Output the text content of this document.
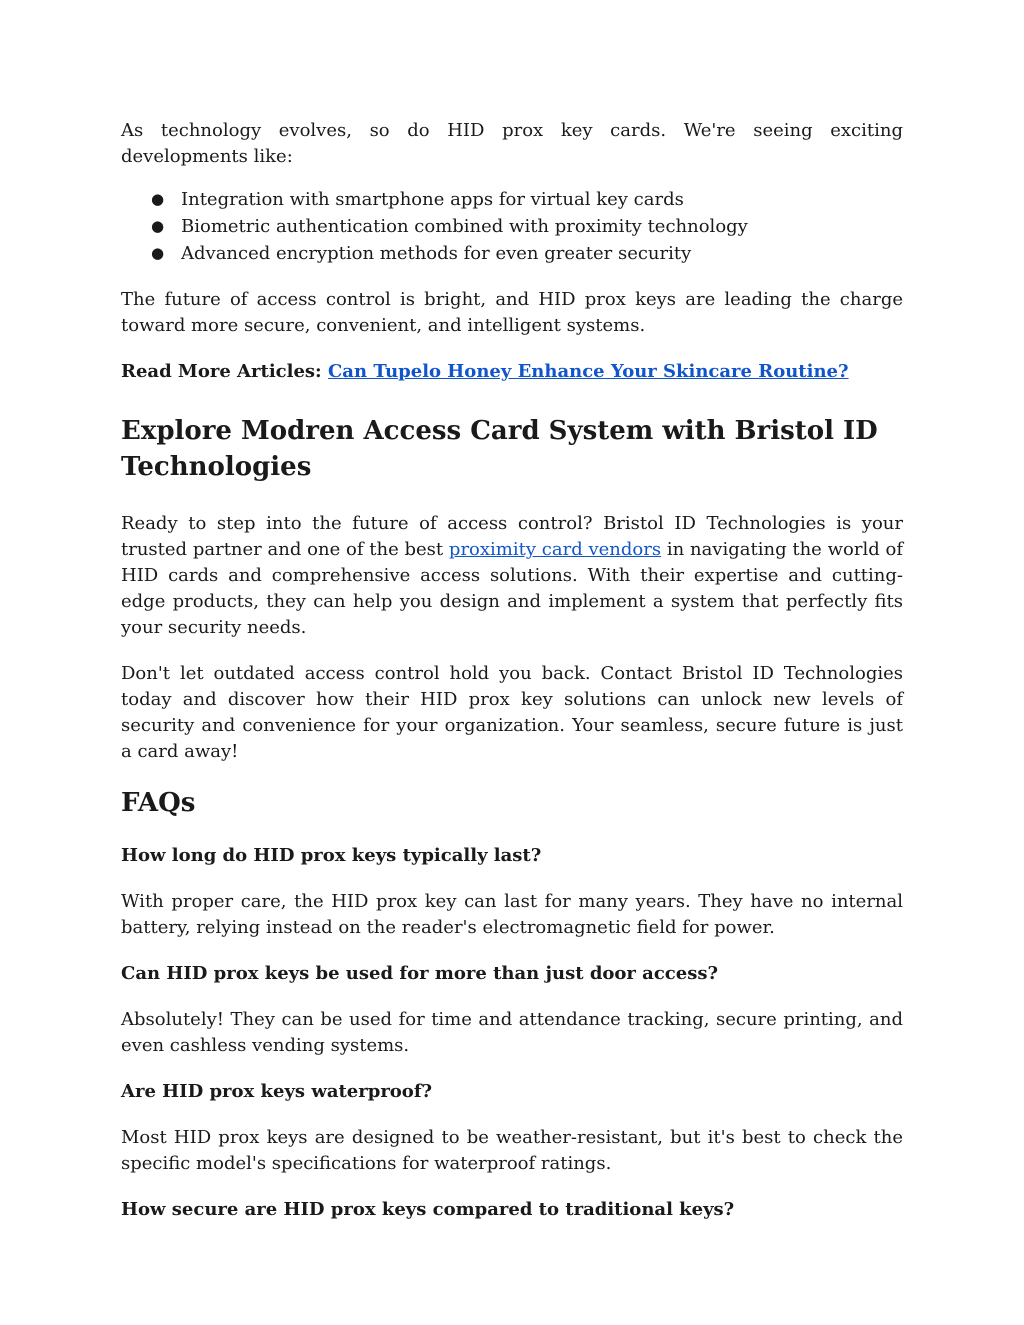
As technology evolves, so do HID prox key cards. We're seeing exciting developments like:

● Integration with smartphone apps for virtual key cards
● Biometric authentication combined with proximity technology
● Advanced encryption methods for even greater security

The future of access control is bright, and HID prox keys are leading the charge toward more secure, convenient, and intelligent systems.

Read More Articles: Can Tupelo Honey Enhance Your Skincare Routine?
Explore Modren Access Card System with Bristol ID Technologies

Ready to step into the future of access control? Bristol ID Technologies is your trusted partner and one of the best proximity card vendors in navigating the world of HID cards and comprehensive access solutions. With their expertise and cutting-edge products, they can help you design and implement a system that perfectly fits your security needs.

Don't let outdated access control hold you back. Contact Bristol ID Technologies today and discover how their HID prox key solutions can unlock new levels of security and convenience for your organization. Your seamless, secure future is just a card away!

FAQs
How long do HID prox keys typically last?

With proper care, the HID prox key can last for many years. They have no internal battery, relying instead on the reader's electromagnetic field for power.

Can HID prox keys be used for more than just door access?

Absolutely! They can be used for time and attendance tracking, secure printing, and even cashless vending systems.

Are HID prox keys waterproof?

Most HID prox keys are designed to be weather-resistant, but it's best to check the specific model's specifications for waterproof ratings.

How secure are HID prox keys compared to traditional keys?
